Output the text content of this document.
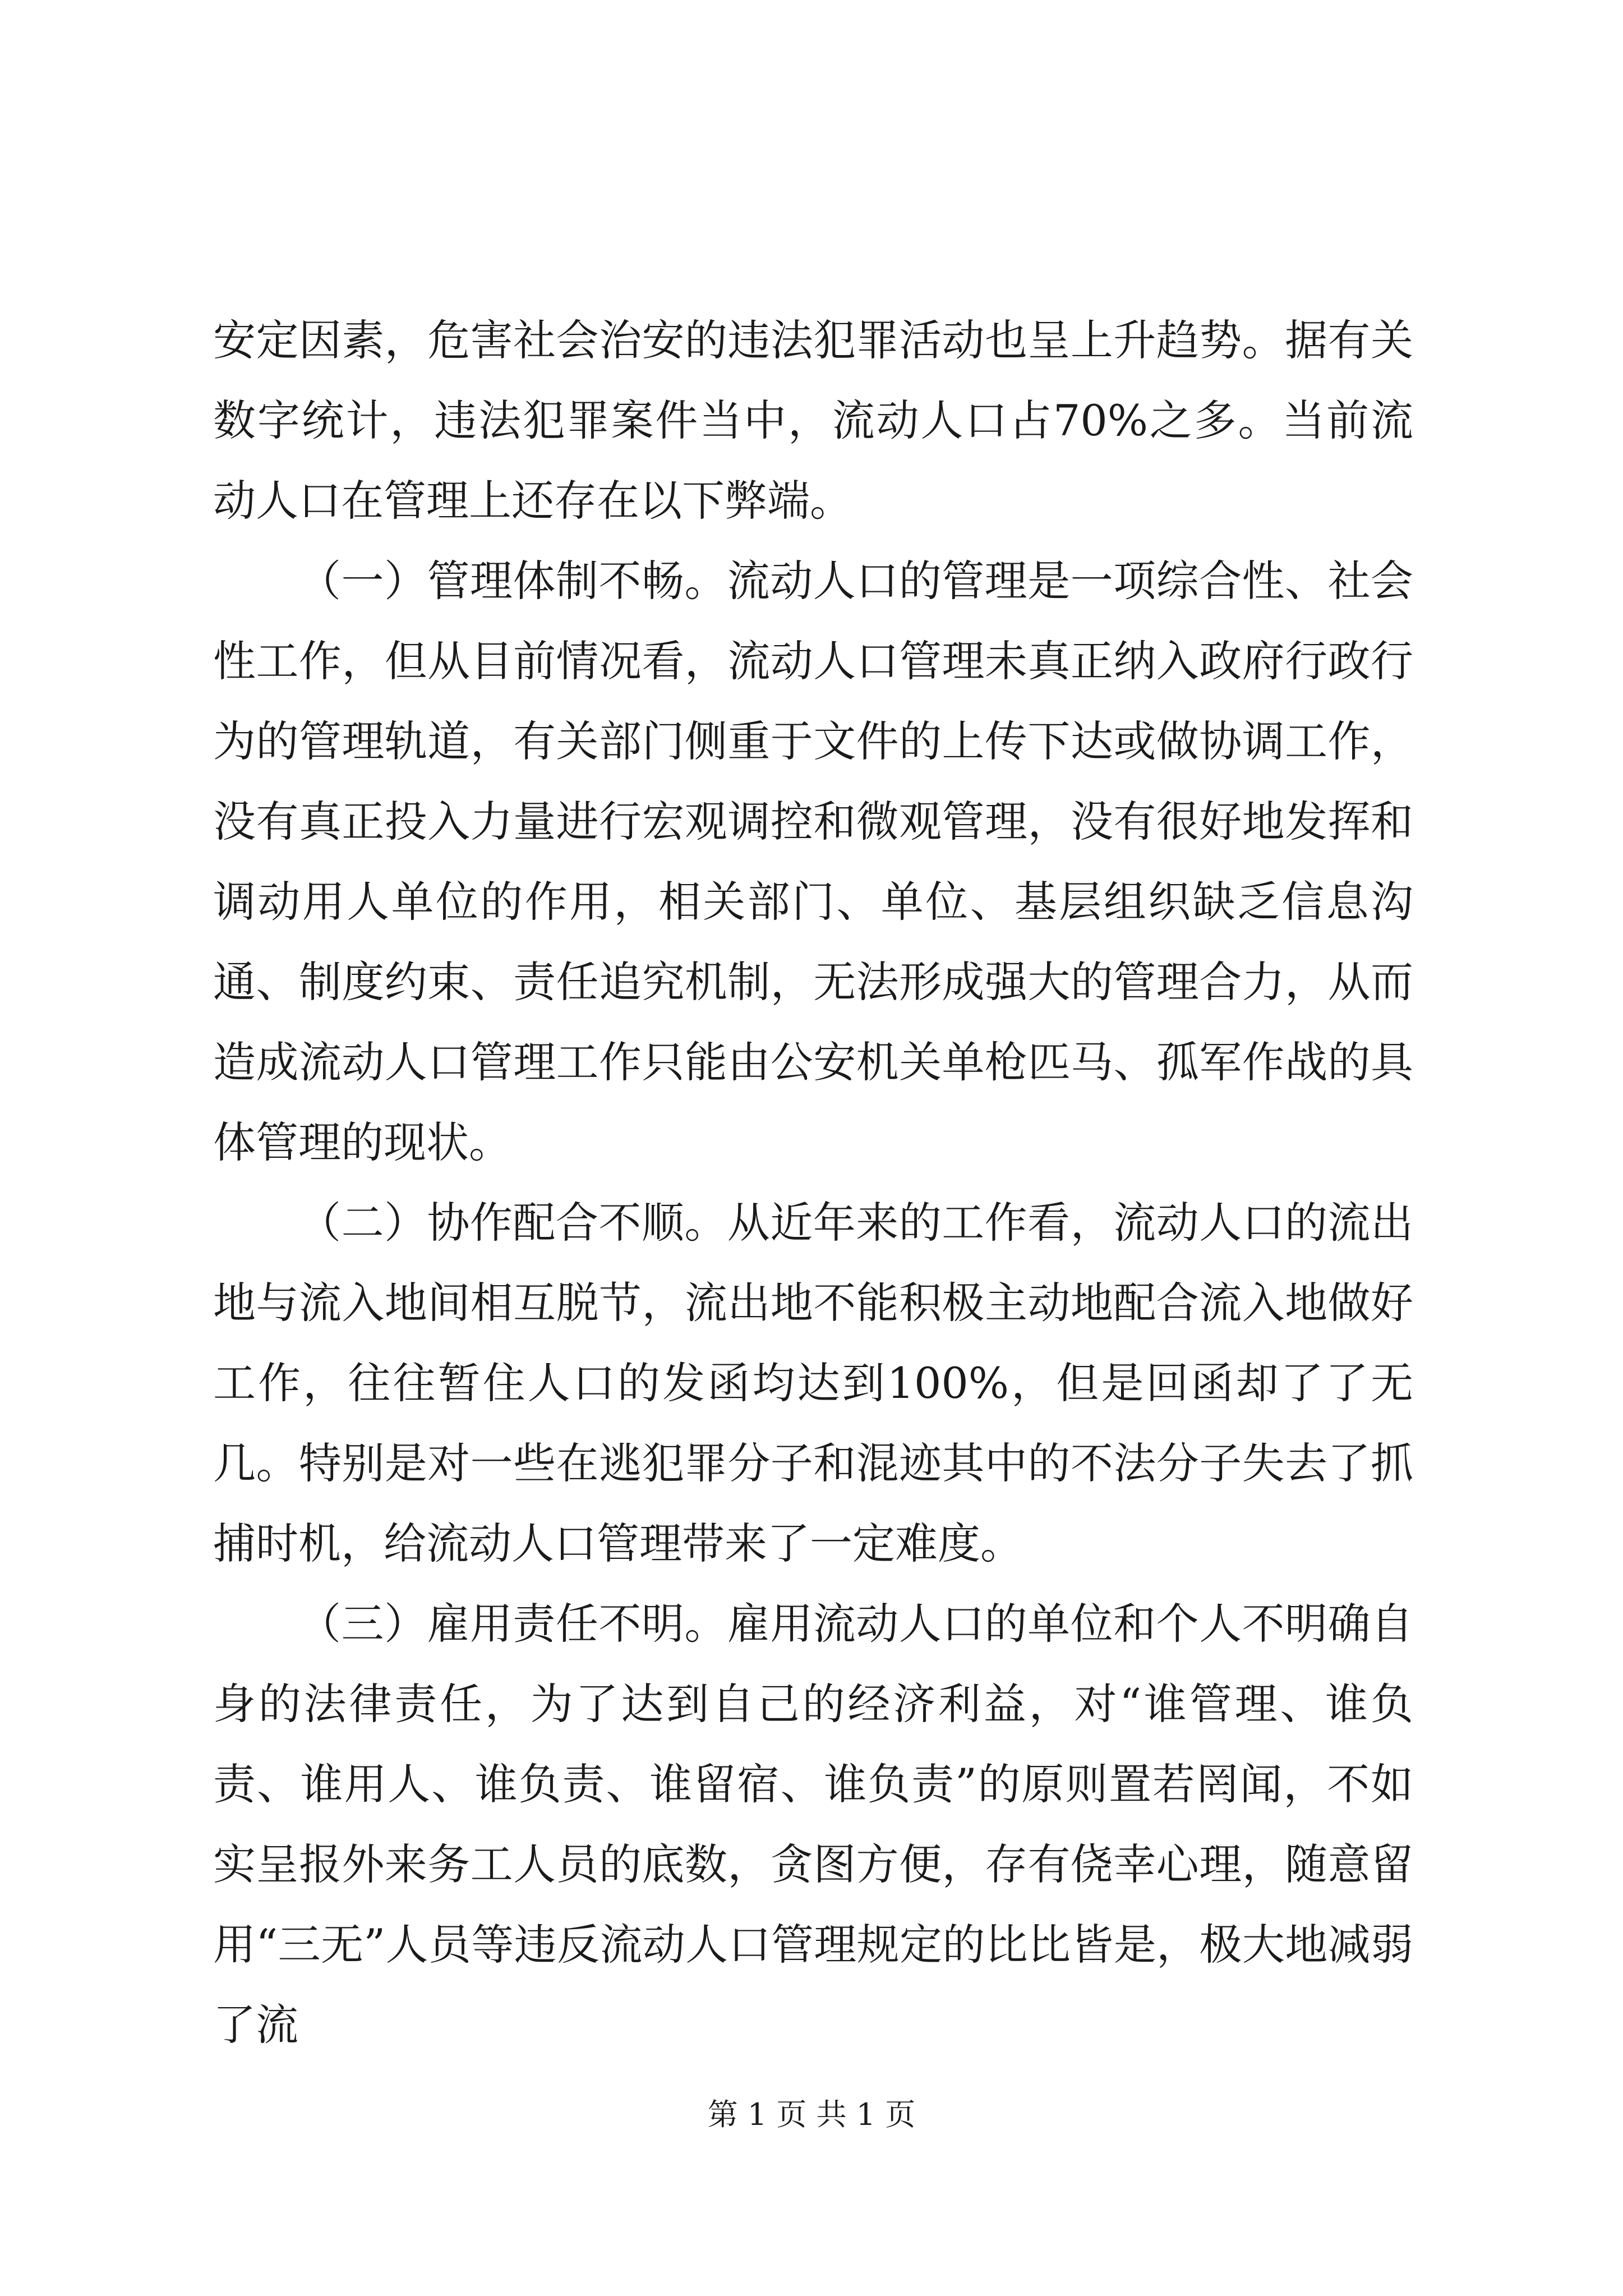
安定因素，危害社会治安的违法犯罪活动也呈上升趋势。据有关数字统计，违法犯罪案件当中，流动人口占70%之多。当前流动人口在管理上还存在以下弊端。

（一）管理体制不畅。流动人口的管理是一项综合性、社会性工作，但从目前情况看，流动人口管理未真正纳入政府行政行为的管理轨道，有关部门侧重于文件的上传下达或做协调工作，没有真正投入力量进行宏观调控和微观管理，没有很好地发挥和调动用人单位的作用，相关部门、单位、基层组织缺乏信息沟通、制度约束、责任追究机制，无法形成强大的管理合力，从而造成流动人口管理工作只能由公安机关单枪匹马、孤军作战的具体管理的现状。

（二）协作配合不顺。从近年来的工作看，流动人口的流出地与流入地间相互脱节，流出地不能积极主动地配合流入地做好工作，往往暂住人口的发函均达到100%，但是回函却了了无几。特别是对一些在逃犯罪分子和混迹其中的不法分子失去了抓捕时机，给流动人口管理带来了一定难度。

（三）雇用责任不明。雇用流动人口的单位和个人不明确自身的法律责任，为了达到自己的经济利益，对“谁管理、谁负责、谁用人、谁负责、谁留宿、谁负责”的原则置若罔闻，不如实呈报外来务工人员的底数，贪图方便，存有侥幸心理，随意留用“三无”人员等违反流动人口管理规定的比比皆是，极大地减弱了流

第 1 页 共 1 页
